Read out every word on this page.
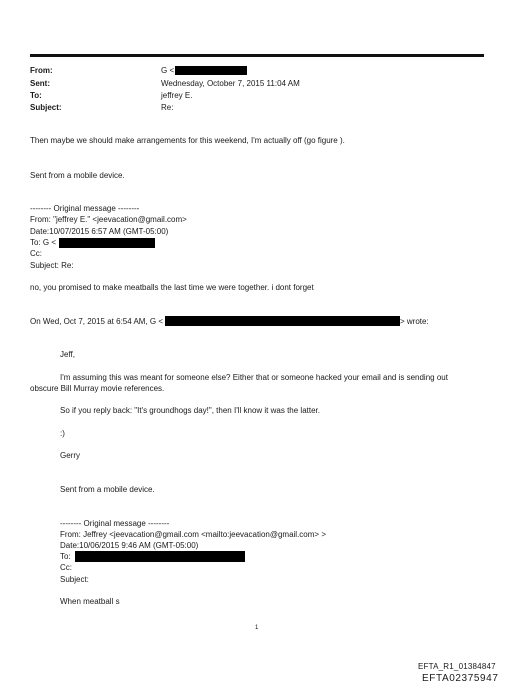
From:	G <
Sent:	Wednesday, October 7, 2015 11:04 AM
To:	jeffrey E.
Subject:	Re:
Then maybe we should make arrangements for this weekend, I'm actually off (go figure ).
Sent from a mobile device.
-------- Original message --------
From: "jeffrey E." <jeevacation@gmail.com>
Date:10/07/2015 6:57 AM (GMT-05:00)
To: G <
Cc:
Subject: Re:
no, you promised to make meatballs the last time we were together. i dont forget
On Wed, Oct 7, 2015 at 6:54 AM, G <	> wrote:
Jeff,
I'm assuming this was meant for someone else? Either that or someone hacked your email and is sending out
obscure Bill Murray movie references.
So if you reply back: "It's groundhogs day!", then I'll know it was the latter.
:)
Gerry
Sent from a mobile device.
-------- Original message --------
From: Jeffrey <jeevacation@gmail.com <mailto:jeevacation@gmail.com> >
Date:10/06/2015 9:46 AM (GMT-05:00)
To:
Cc:
Subject:
When meatball s
1
EFTA_R1_01384847
EFTA02375947
